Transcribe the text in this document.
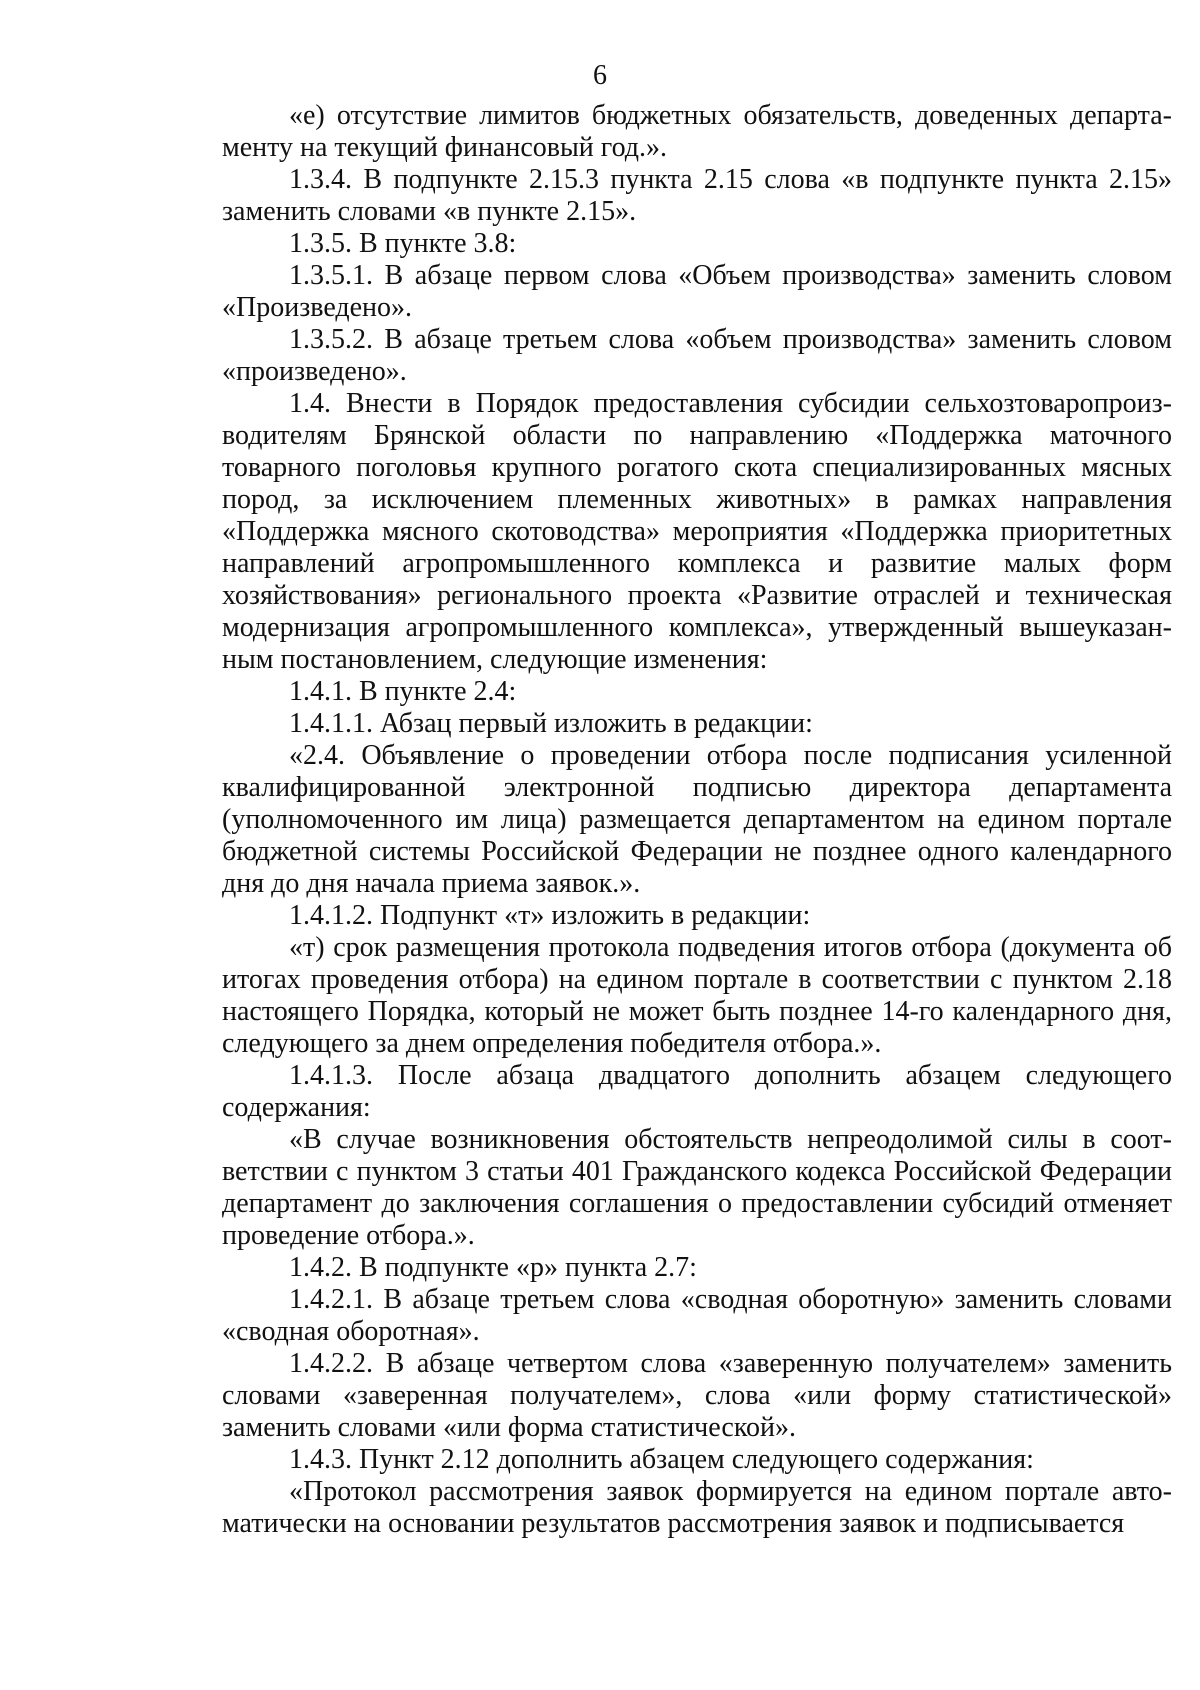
6

«е) отсутствие лимитов бюджетных обязательств, доведенных департаменту на текущий финансовый год.».

1.3.4. В подпункте 2.15.3 пункта 2.15 слова «в подпункте пункта 2.15» заменить словами «в пункте 2.15».

1.3.5. В пункте 3.8:

1.3.5.1. В абзаце первом слова «Объем производства» заменить словом «Произведено».

1.3.5.2. В абзаце третьем слова «объем производства» заменить словом «произведено».

1.4. Внести в Порядок предоставления субсидии сельхозтоваропроизводителям Брянской области по направлению «Поддержка маточного товарного поголовья крупного рогатого скота специализированных мясных пород, за исключением племенных животных» в рамках направления «Поддержка мясного скотоводства» мероприятия «Поддержка приоритетных направлений агропромышленного комплекса и развитие малых форм хозяйствования» регионального проекта «Развитие отраслей и техническая модернизация агропромышленного комплекса», утвержденный вышеуказанным постановлением, следующие изменения:

1.4.1. В пункте 2.4:

1.4.1.1. Абзац первый изложить в редакции:

«2.4. Объявление о проведении отбора после подписания усиленной квалифицированной электронной подписью директора департамента (уполномоченного им лица) размещается департаментом на едином портале бюджетной системы Российской Федерации не позднее одного календарного дня до дня начала приема заявок.».

1.4.1.2. Подпункт «т» изложить в редакции:

«т) срок размещения протокола подведения итогов отбора (документа об итогах проведения отбора) на едином портале в соответствии с пунктом 2.18 настоящего Порядка, который не может быть позднее 14-го календарного дня, следующего за днем определения победителя отбора.».

1.4.1.3. После абзаца двадцатого дополнить абзацем следующего содержания:

«В случае возникновения обстоятельств непреодолимой силы в соответствии с пунктом 3 статьи 401 Гражданского кодекса Российской Федерации департамент до заключения соглашения о предоставлении субсидий отменяет проведение отбора.».

1.4.2. В подпункте «р» пункта 2.7:

1.4.2.1. В абзаце третьем слова «сводная оборотную» заменить словами «сводная оборотная».

1.4.2.2. В абзаце четвертом слова «заверенную получателем» заменить словами «заверенная получателем», слова «или форму статистической» заменить словами «или форма статистической».

1.4.3. Пункт 2.12 дополнить абзацем следующего содержания:

«Протокол рассмотрения заявок формируется на едином портале автоматически на основании результатов рассмотрения заявок и подписывается
